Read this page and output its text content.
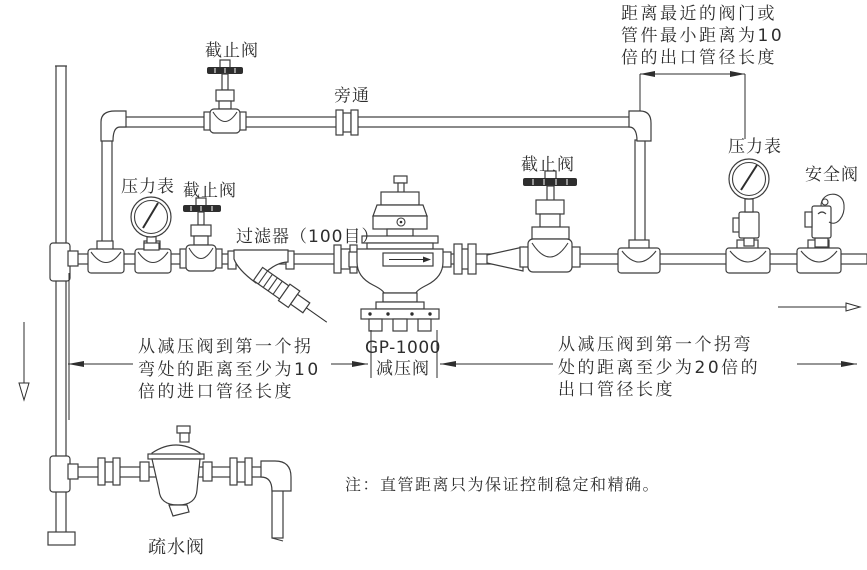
截止阀
旁通
压力表 截止阀
过滤器（100目）
截止阀
压力表
安全阀
疏水阀
GP-1000
减压阀
距离最近的阀门或
管件最小距离为10
倍的出口管径长度
从减压阀到第一个拐
弯处的距离至少为10
倍的进口管径长度
从减压阀到第一个拐弯
处的距离至少为20倍的
出口管径长度
注：直管距离只为保证控制稳定和精确。
